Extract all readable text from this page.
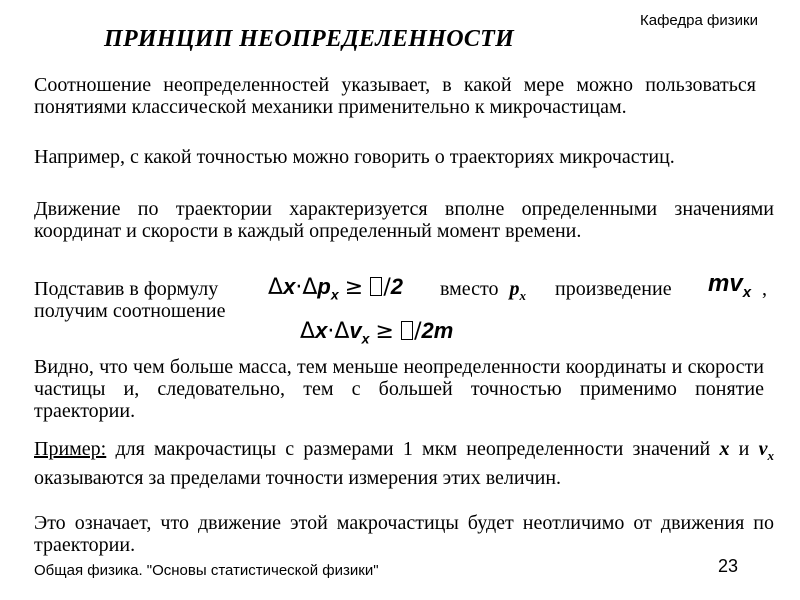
Кафедра физики
ПРИНЦИП НЕОПРЕДЕЛЕННОСТИ
Соотношение неопределенностей указывает, в какой мере можно пользоваться понятиями классической механики применительно к микрочастицам.
Например, с какой точностью можно говорить о траекториях микрочастиц.
Движение по траектории характеризуется вполне определенными значениями координат и скорости в каждый определенный момент времени.
Подставив в формулу $\Delta x\cdot\Delta p_x \ge /2$ вместо $p_x$ произведение $mv_x$ ,
получим соотношение
$\Delta x\cdot\Delta v_x \ge /2m$
Видно, что чем больше масса, тем меньше неопределенности координаты и скорости частицы и, следовательно, тем с большей точностью применимо понятие траектории.
Пример: для макрочастицы с размерами 1 мкм неопределенности значений x и $v_x$ оказываются за пределами точности измерения этих величин.
Это означает, что движение этой макрочастицы будет неотличимо от движения по траектории.
Общая физика. "Основы статистической физики"	23
